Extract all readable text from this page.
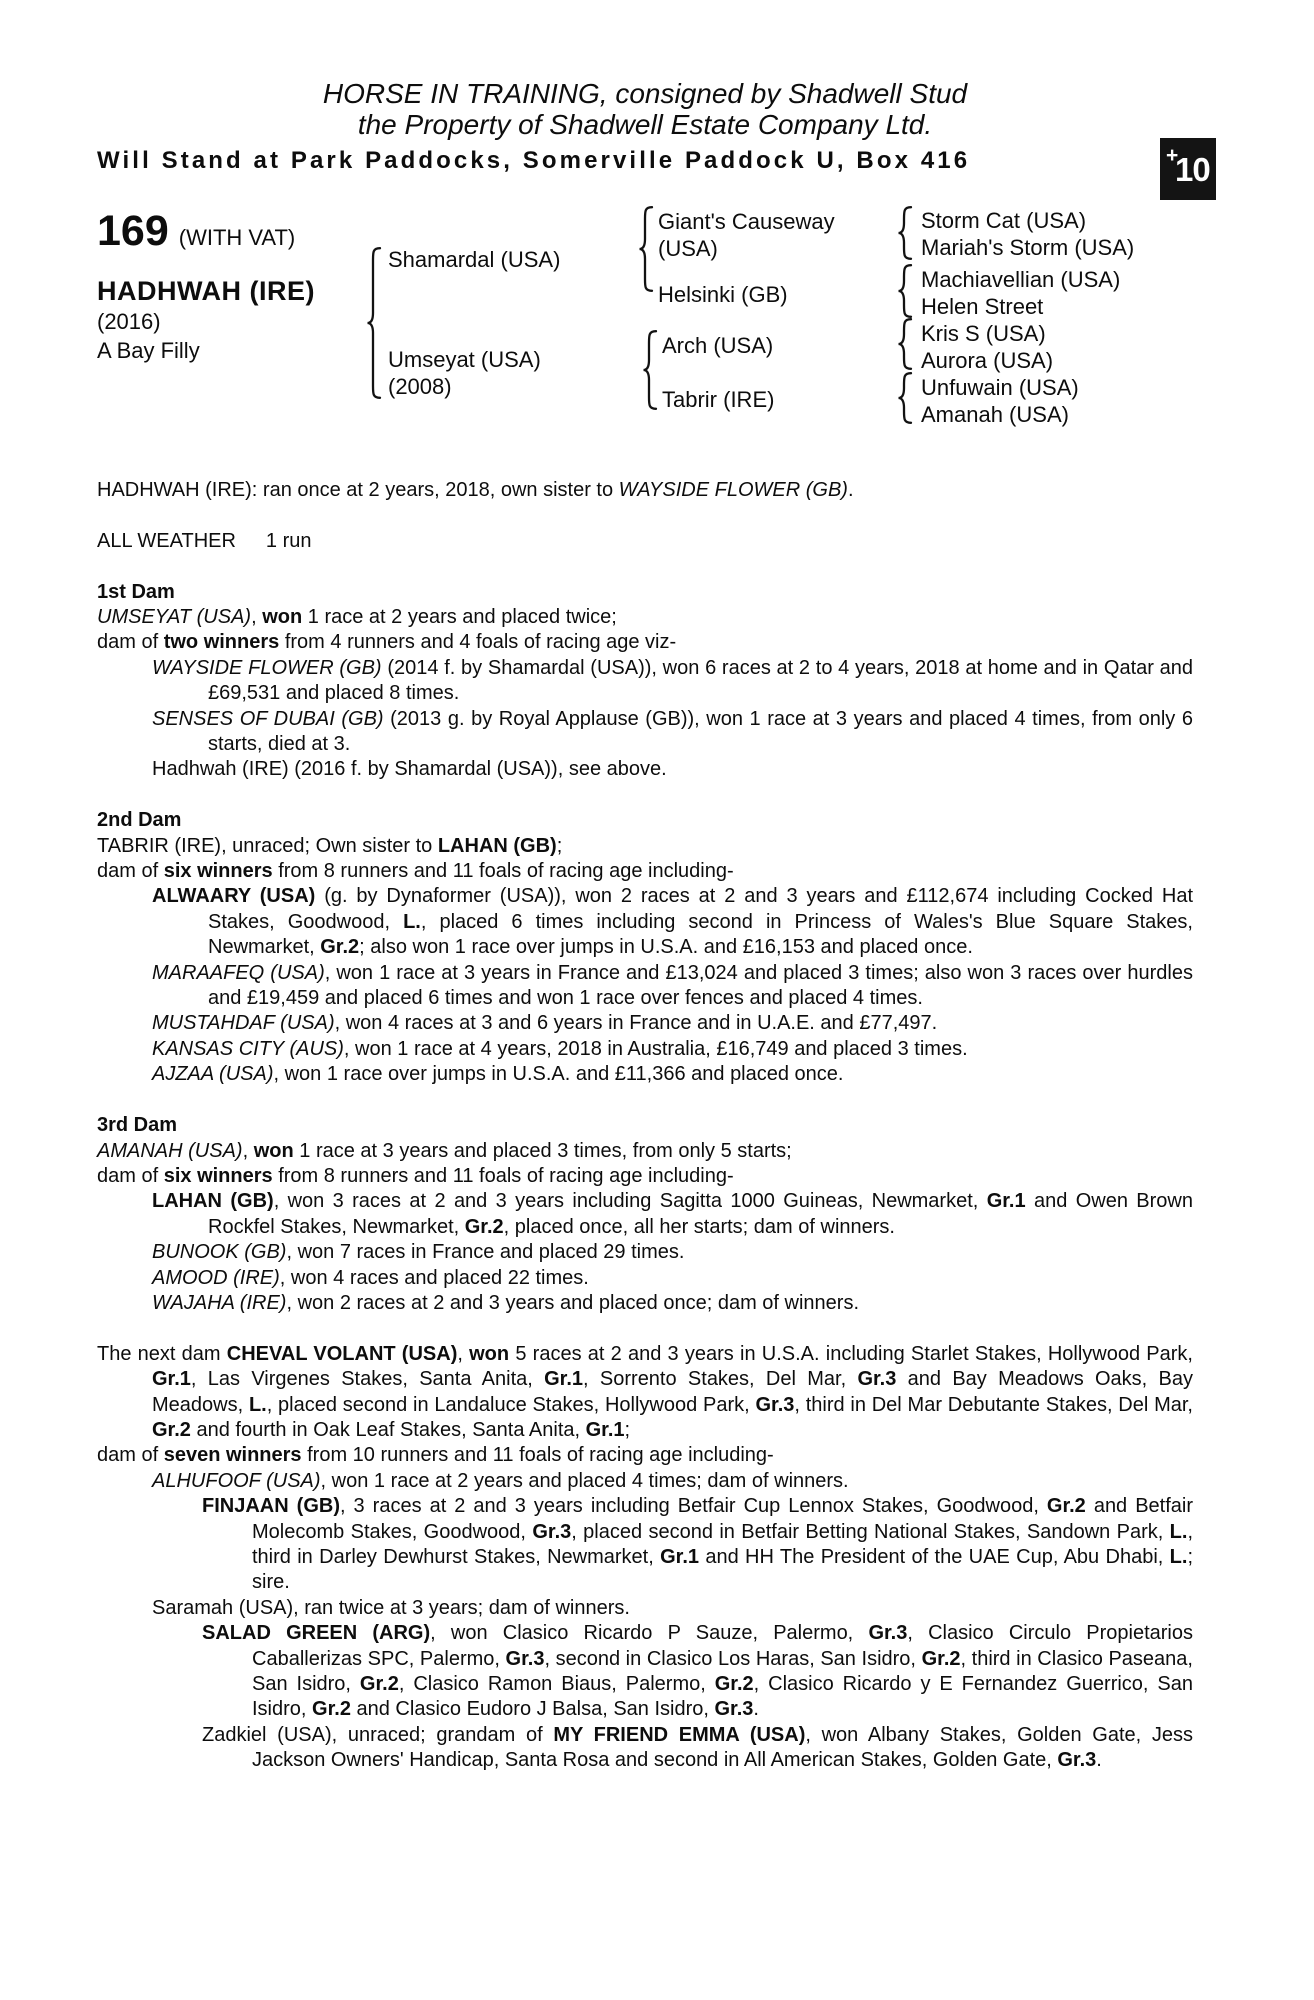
HORSE IN TRAINING, consigned by Shadwell Stud
the Property of Shadwell Estate Company Ltd.
Will Stand at Park Paddocks, Somerville Paddock U, Box 416	+
10
169 (WITH VAT)
HADHWAH (IRE)
(2016)
A Bay Filly
Shamardal (USA)
Umseyat (USA)
(2008)
Giant's Causeway
(USA)
Helsinki (GB)
Arch (USA)
Tabrir (IRE)
Storm Cat (USA)
Mariah's Storm (USA)
Machiavellian (USA)
Helen Street
Kris S (USA)
Aurora (USA)
Unfuwain (USA)
Amanah (USA)
HADHWAH (IRE): ran once at 2 years, 2018, own sister to WAYSIDE FLOWER (GB).
ALL WEATHER 1 run
1st Dam
UMSEYAT (USA), won 1 race at 2 years and placed twice;
dam of two winners from 4 runners and 4 foals of racing age viz-
WAYSIDE FLOWER (GB) (2014 f. by Shamardal (USA)), won 6 races at 2 to 4 years, 2018 at home and in Qatar and £69,531 and placed 8 times.
SENSES OF DUBAI (GB) (2013 g. by Royal Applause (GB)), won 1 race at 3 years and placed 4 times, from only 6 starts, died at 3.
Hadhwah (IRE) (2016 f. by Shamardal (USA)), see above.
2nd Dam
TABRIR (IRE), unraced; Own sister to LAHAN (GB);
dam of six winners from 8 runners and 11 foals of racing age including-
ALWAARY (USA) (g. by Dynaformer (USA)), won 2 races at 2 and 3 years and £112,674 including Cocked Hat Stakes, Goodwood, L., placed 6 times including second in Princess of Wales's Blue Square Stakes, Newmarket, Gr.2; also won 1 race over jumps in U.S.A. and £16,153 and placed once.
MARAAFEQ (USA), won 1 race at 3 years in France and £13,024 and placed 3 times; also won 3 races over hurdles and £19,459 and placed 6 times and won 1 race over fences and placed 4 times.
MUSTAHDAF (USA), won 4 races at 3 and 6 years in France and in U.A.E. and £77,497.
KANSAS CITY (AUS), won 1 race at 4 years, 2018 in Australia, £16,749 and placed 3 times.
AJZAA (USA), won 1 race over jumps in U.S.A. and £11,366 and placed once.
3rd Dam
AMANAH (USA), won 1 race at 3 years and placed 3 times, from only 5 starts;
dam of six winners from 8 runners and 11 foals of racing age including-
LAHAN (GB), won 3 races at 2 and 3 years including Sagitta 1000 Guineas, Newmarket, Gr.1 and Owen Brown Rockfel Stakes, Newmarket, Gr.2, placed once, all her starts; dam of winners.
BUNOOK (GB), won 7 races in France and placed 29 times.
AMOOD (IRE), won 4 races and placed 22 times.
WAJAHA (IRE), won 2 races at 2 and 3 years and placed once; dam of winners.
The next dam CHEVAL VOLANT (USA), won 5 races at 2 and 3 years in U.S.A. including Starlet Stakes, Hollywood Park, Gr.1, Las Virgenes Stakes, Santa Anita, Gr.1, Sorrento Stakes, Del Mar, Gr.3 and Bay Meadows Oaks, Bay Meadows, L., placed second in Landaluce Stakes, Hollywood Park, Gr.3, third in Del Mar Debutante Stakes, Del Mar, Gr.2 and fourth in Oak Leaf Stakes, Santa Anita, Gr.1;
dam of seven winners from 10 runners and 11 foals of racing age including-
ALHUFOOF (USA), won 1 race at 2 years and placed 4 times; dam of winners.
FINJAAN (GB), 3 races at 2 and 3 years including Betfair Cup Lennox Stakes, Goodwood, Gr.2 and Betfair Molecomb Stakes, Goodwood, Gr.3, placed second in Betfair Betting National Stakes, Sandown Park, L., third in Darley Dewhurst Stakes, Newmarket, Gr.1 and HH The President of the UAE Cup, Abu Dhabi, L.; sire.
Saramah (USA), ran twice at 3 years; dam of winners.
SALAD GREEN (ARG), won Clasico Ricardo P Sauze, Palermo, Gr.3, Clasico Circulo Propietarios Caballerizas SPC, Palermo, Gr.3, second in Clasico Los Haras, San Isidro, Gr.2, third in Clasico Paseana, San Isidro, Gr.2, Clasico Ramon Biaus, Palermo, Gr.2, Clasico Ricardo y E Fernandez Guerrico, San Isidro, Gr.2 and Clasico Eudoro J Balsa, San Isidro, Gr.3.
Zadkiel (USA), unraced; grandam of MY FRIEND EMMA (USA), won Albany Stakes, Golden Gate, Jess Jackson Owners' Handicap, Santa Rosa and second in All American Stakes, Golden Gate, Gr.3.
